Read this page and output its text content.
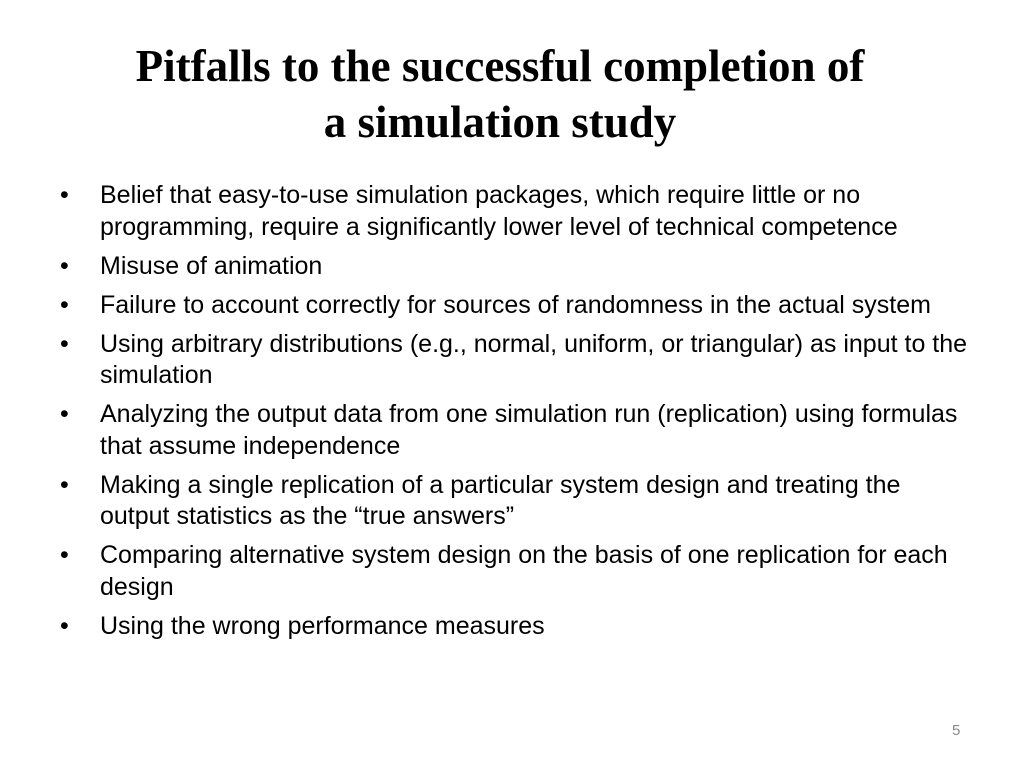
Pitfalls to the successful completion of
a simulation study
•	Belief that easy-to-use simulation packages, which require little or no programming, require a significantly lower level of technical competence
•	Misuse of animation
•	Failure to account correctly for sources of randomness in the actual system
•	Using arbitrary distributions (e.g., normal, uniform, or triangular) as input to the simulation
•	Analyzing the output data from one simulation run (replication) using formulas that assume independence
•	Making a single replication of a particular system design and treating the output statistics as the “true answers”
•	Comparing alternative system design on the basis of one replication for each design
•	Using the wrong performance measures
5
